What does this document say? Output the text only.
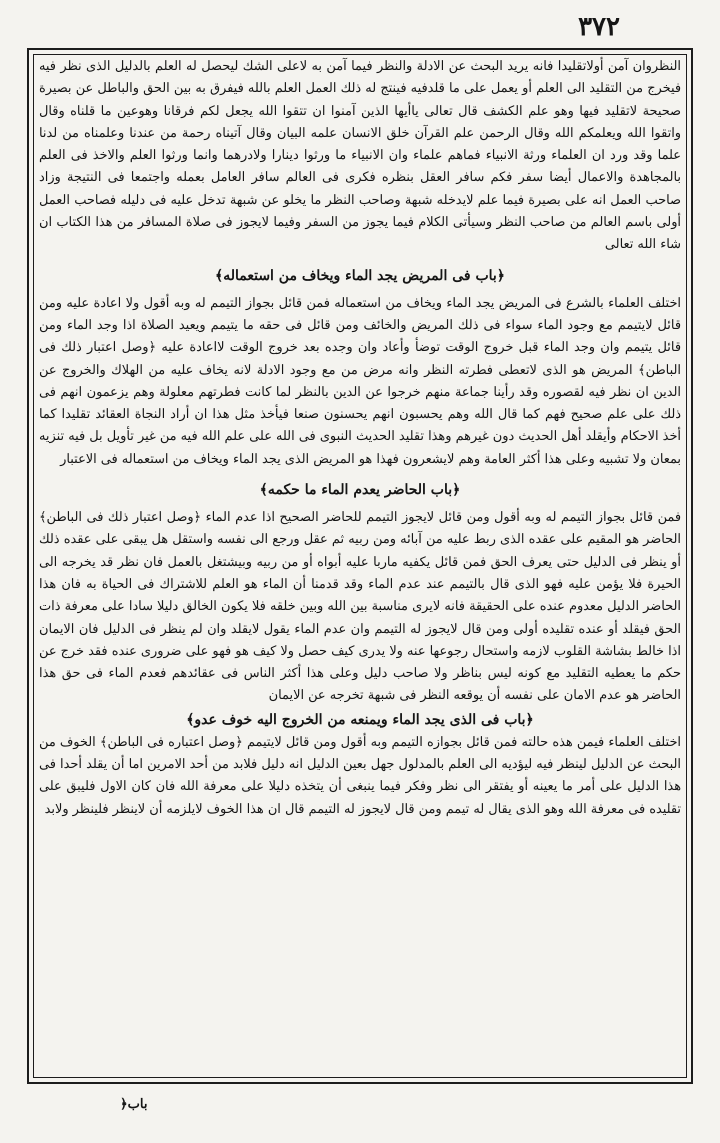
٣٧٢

النظروان آمن أولاتقليدا فانه يريد البحث عن الادلة والنظر فيما آمن به لاعلى الشك ليحصل له العلم بالدليل الذى نظر فيه فيخرج من التقليد الى العلم أو يعمل على ما قلدفيه فينتج له ذلك العمل العلم بالله فيفرق به بين الحق والباطل عن بصيرة صحيحة لاتقليد فيها وهو علم الكشف قال تعالى ياأيها الذين آمنوا ان تتقوا الله يجعل لكم فرقانا وهوعين ما قلناه وقال واتقوا الله ويعلمكم الله وقال الرحمن علم القرآن خلق الانسان علمه البيان وقال آتيناه رحمة من عندنا وعلمناه من لدنا علما وقد ورد ان العلماء ورثة الانبياء فماهم علماء وان الانبياء ما ورثوا دينارا ولادرهما وانما ورثوا العلم والاخذ فى العلم بالمجاهدة والاعمال أيضا سفر فكم سافر العقل بنظره فكرى فى العالم سافر العامل بعمله واجتمعا فى النتيجة وزاد صاحب العمل انه على بصيرة فيما علم لايدخله شبهة وصاحب النظر ما يخلو عن شبهة تدخل عليه فى دليله فصاحب العمل أولى باسم العالم من صاحب النظر وسيأتى الكلام فيما يجوز من السفر وفيما لايجوز فى صلاة المسافر من هذا الكتاب ان شاء الله تعالى

﴿باب فى المريض يجد الماء ويخاف من استعماله﴾

اختلف العلماء بالشرع فى المريض يجد الماء ويخاف من استعماله فمن قائل بجواز التيمم له وبه أقول ولا اعادة عليه ومن قائل لايتيمم مع وجود الماء سواء فى ذلك المريض والخائف ومن قائل فى حقه ما يتيمم ويعيد الصلاة اذا وجد الماء ومن قائل يتيمم وان وجد الماء قبل خروج الوقت توضأ وأعاد وان وجده بعد خروج الوقت لااعادة عليه ﴿وصل اعتبار ذلك فى الباطن﴾ المريض هو الذى لاتعطى فطرته النظر وانه مرض من مع وجود الادلة لانه يخاف عليه من الهلاك والخروج عن الدين ان نظر فيه لقصوره وقد رأينا جماعة منهم خرجوا عن الدين بالنظر لما كانت فطرتهم معلولة وهم يزعمون انهم فى ذلك على علم صحيح فهم كما قال الله وهم يحسبون انهم يحسنون صنعا فيأخذ مثل هذا ان أراد النجاة العقائد تقليدا كما أخذ الاحكام وأيقلد أهل الحديث دون غيرهم وهذا تقليد الحديث النبوى فى الله على علم الله فيه من غير تأويل بل فيه تنزيه بمعان ولا تشبيه وعلى هذا أكثر العامة وهم لايشعرون فهذا هو المريض الذى يجد الماء ويخاف من استعماله فى الاعتبار

﴿باب الحاضر يعدم الماء ما حكمه﴾

فمن قائل بجواز التيمم له وبه أقول ومن قائل لايجوز التيمم للحاضر الصحيح اذا عدم الماء ﴿وصل اعتبار ذلك فى الباطن﴾ الحاضر هو المقيم على عقده الذى ربط عليه من آبائه ومن ربيه ثم عقل ورجع الى نفسه واستقل هل يبقى على عقده ذلك أو ينظر فى الدليل حتى يعرف الحق فمن قائل يكفيه ماربا عليه أبواه أو من ربيه وبيشتغل بالعمل فان نظر قد يخرجه الى الحيرة فلا يؤمن عليه فهو الذى قال بالتيمم عند عدم الماء وقد قدمنا أن الماء هو العلم للاشتراك فى الحياة به فان هذا الحاضر الدليل معدوم عنده على الحقيقة فانه لايرى مناسبة بين الله وبين خلقه فلا يكون الخالق دليلا سادا على معرفة ذات الحق فيقلد أو عنده تقليده أولى ومن قال لايجوز له التيمم وان عدم الماء يقول لايقلد وان لم ينظر فى الدليل فان الايمان اذا خالط بشاشة القلوب لازمه واستحال رجوعها عنه ولا يدرى كيف حصل ولا كيف هو فهو على ضرورى عنده فقد خرج عن حكم ما يعطيه التقليد مع كونه ليس بناظر ولا صاحب دليل وعلى هذا أكثر الناس فى عقائدهم فعدم الماء فى حق هذا الحاضر هو عدم الامان على نفسه أن يوقعه النظر فى شبهة تخرجه عن الايمان

﴿باب فى الذى يجد الماء ويمنعه من الخروج اليه خوف عدو﴾

اختلف العلماء فيمن هذه حالته فمن قائل بجوازه التيمم وبه أقول ومن قائل لايتيمم ﴿وصل اعتباره فى الباطن﴾ الخوف من البحث عن الدليل لينظر فيه ليؤديه الى العلم بالمدلول جهل بعين الدليل انه دليل فلابد من أحد الامرين اما أن يقلد أحدا فى هذا الدليل على أمر ما يعينه أو يفتقر الى نظر وفكر فيما ينبغى أن يتخذه دليلا على معرفة الله فان كان الاول فليبق على تقليده فى معرفة الله وهو الذى يقال له تيمم ومن قال لايجوز له التيمم قال ان هذا الخوف لايلزمه أن لاينظر فلينظر ولابد

﴿باب
